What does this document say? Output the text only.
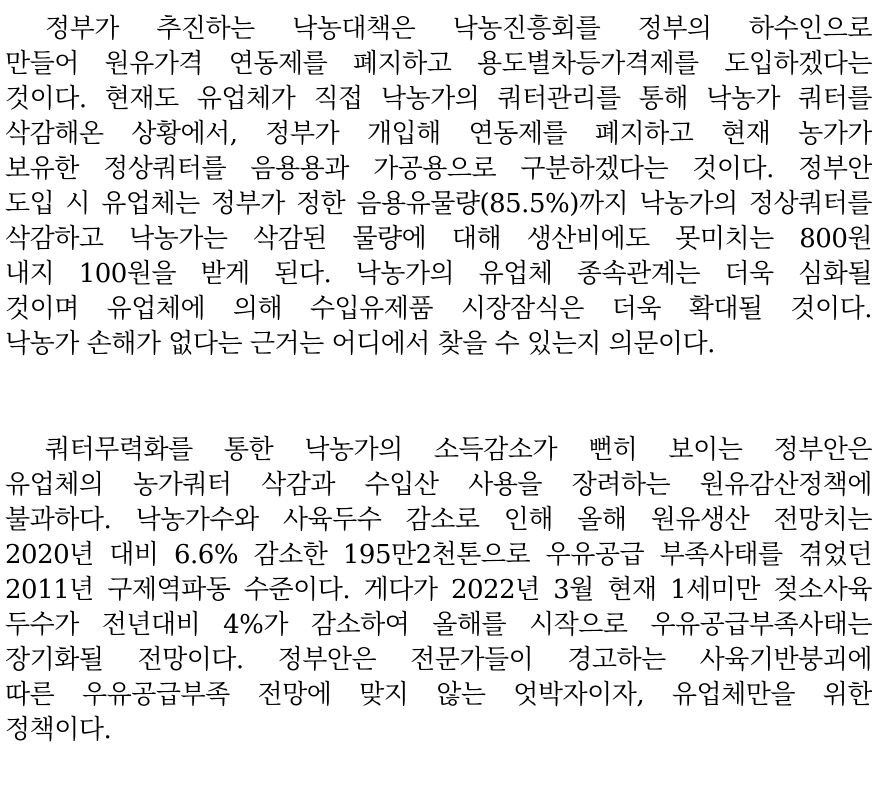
정부가 추진하는 낙농대책은 낙농진흥회를 정부의 하수인으로
만들어 원유가격 연동제를 폐지하고 용도별차등가격제를 도입하겠다는
것이다. 현재도 유업체가 직접 낙농가의 쿼터관리를 통해 낙농가 쿼터를
삭감해온 상황에서, 정부가 개입해 연동제를 폐지하고 현재 농가가
보유한 정상쿼터를 음용용과 가공용으로 구분하겠다는 것이다. 정부안
도입 시 유업체는 정부가 정한 음용유물량(85.5%)까지 낙농가의 정상쿼터를
삭감하고 낙농가는 삭감된 물량에 대해 생산비에도 못미치는 800원
내지 100원을 받게 된다. 낙농가의 유업체 종속관계는 더욱 심화될
것이며 유업체에 의해 수입유제품 시장잠식은 더욱 확대될 것이다.
낙농가 손해가 없다는 근거는 어디에서 찾을 수 있는지 의문이다.
쿼터무력화를 통한 낙농가의 소득감소가 뻔히 보이는 정부안은
유업체의 농가쿼터 삭감과 수입산 사용을 장려하는 원유감산정책에
불과하다. 낙농가수와 사육두수 감소로 인해 올해 원유생산 전망치는
2020년 대비 6.6% 감소한 195만2천톤으로 우유공급 부족사태를 겪었던
2011년 구제역파동 수준이다. 게다가 2022년 3월 현재 1세미만 젖소사육
두수가 전년대비 4%가 감소하여 올해를 시작으로 우유공급부족사태는
장기화될 전망이다. 정부안은 전문가들이 경고하는 사육기반붕괴에
따른 우유공급부족 전망에 맞지 않는 엇박자이자, 유업체만을 위한
정책이다.
